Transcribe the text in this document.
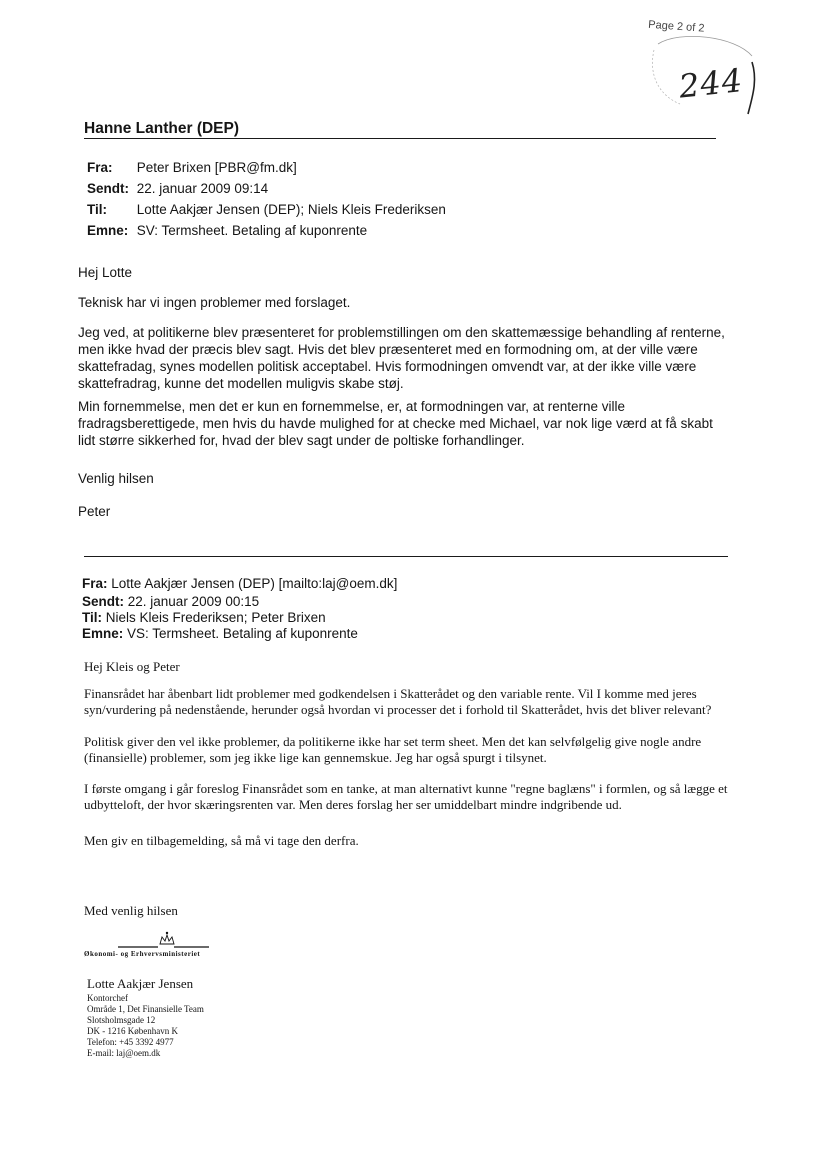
Page 2 of 2
244
Hanne Lanther (DEP)
Fra: Peter Brixen [PBR@fm.dk]
Sendt: 22. januar 2009 09:14
Til: Lotte Aakjær Jensen (DEP); Niels Kleis Frederiksen
Emne: SV: Termsheet. Betaling af kuponrente
Hej Lotte
Teknisk har vi ingen problemer med forslaget.
Jeg ved, at politikerne blev præsenteret for problemstillingen om den skattemæssige behandling af renterne, men ikke hvad der præcis blev sagt. Hvis det blev præsenteret med en formodning om, at der ville være skattefradag, synes modellen politisk acceptabel. Hvis formodningen omvendt var, at der ikke ville være skattefradrag, kunne det modellen muligvis skabe støj.
Min fornemmelse, men det er kun en fornemmelse, er, at formodningen var, at renterne ville fradragsberettigede, men hvis du havde mulighed for at checke med Michael, var nok lige værd at få skabt lidt større sikkerhed for, hvad der blev sagt under de poltiske forhandlinger.
Venlig hilsen
Peter
Fra: Lotte Aakjær Jensen (DEP) [mailto:laj@oem.dk]
Sendt: 22. januar 2009 00:15
Til: Niels Kleis Frederiksen; Peter Brixen
Emne: VS: Termsheet. Betaling af kuponrente
Hej Kleis og Peter
Finansrådet har åbenbart lidt problemer med godkendelsen i Skatterådet og den variable rente. Vil I komme med jeres syn/vurdering på nedenstående, herunder også hvordan vi processer det i forhold til Skatterådet, hvis det bliver relevant?
Politisk giver den vel ikke problemer, da politikerne ikke har set term sheet. Men det kan selvfølgelig give nogle andre (finansielle) problemer, som jeg ikke lige kan gennemskue. Jeg har også spurgt i tilsynet.
I første omgang i går foreslog Finansrådet som en tanke, at man alternativt kunne "regne baglæns" i formlen, og så lægge et udbytteloft, der hvor skæringsrenten var. Men deres forslag her ser umiddelbart mindre indgribende ud.
Men giv en tilbagemelding, så må vi tage den derfra.
Med venlig hilsen
Økonomi- og Erhvervsministeriet
Lotte Aakjær Jensen
Kontorchef
Område 1, Det Finansielle Team
Slotsholmsgade 12
DK - 1216 København K
Telefon: +45 3392 4977
E-mail: laj@oem.dk
